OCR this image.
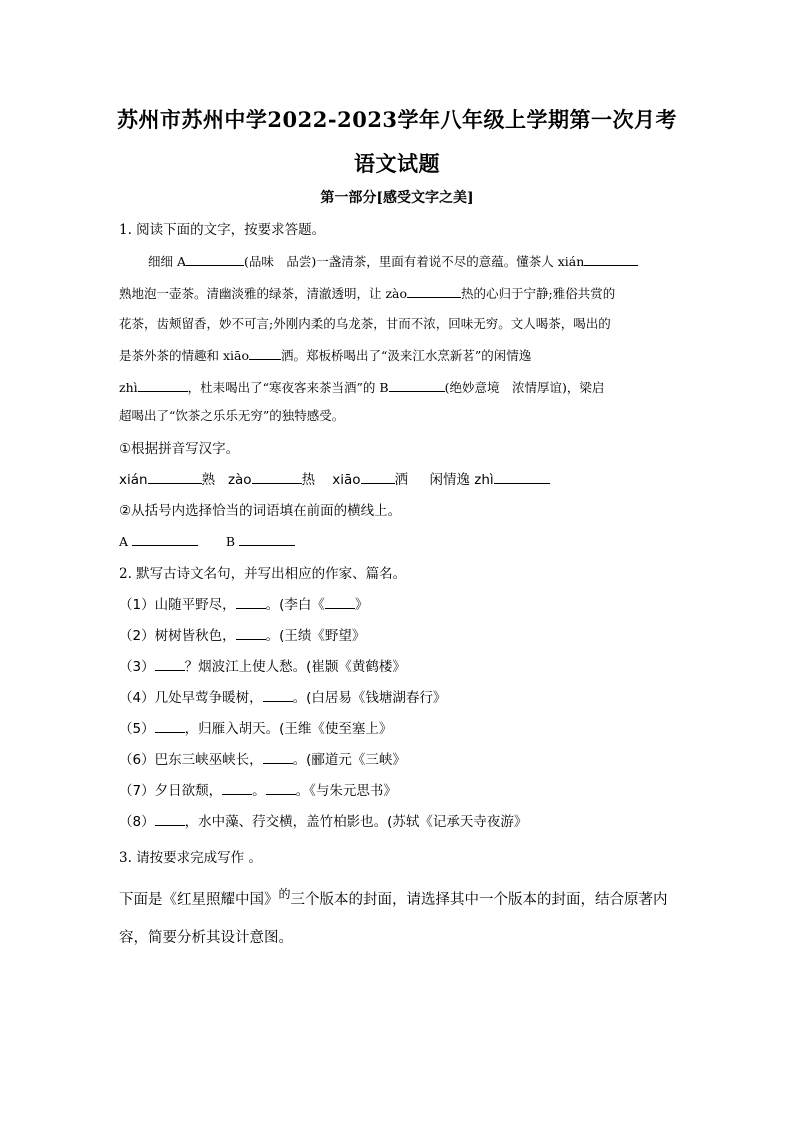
苏州市苏州中学2022-2023学年八年级上学期第一次月考
语文试题
第一部分[感受文字之美]
1. 阅读下面的文字，按要求答题。
细细 A	(品味　品尝)一盏清茶，里面有着说不尽的意蕴。懂茶人 xián
熟地泡一壶茶。清幽淡雅的绿茶，清澈透明，让 zào	热的心归于宁静;雅俗共赏的
花茶，齿颊留香，妙不可言;外刚内柔的乌龙茶，甘而不浓，回味无穷。文人喝茶，喝出的
是茶外茶的情趣和 xiāo	洒。郑板桥喝出了“汲来江水烹新茗”的闲情逸
zhì	，杜耒喝出了“寒夜客来茶当酒”的 B	(绝妙意境　浓情厚谊)，梁启
超喝出了“饮茶之乐乐无穷”的独特感受。
①根据拼音写汉字。
xián	熟 zào	热 xiāo	洒 闲情逸 zhì
②从括号内选择恰当的词语填在前面的横线上。
A	B
2. 默写古诗文名句，并写出相应的作家、篇名。
（1）山随平野尽， 。(李白《 》
（2）树树皆秋色， 。(王绩《野望》
（3） ？烟波江上使人愁。(崔颢《黄鹤楼》
（4）几处早莺争暖树， 。(白居易《钱塘湖春行》
（5） ，归雁入胡天。(王维《使至塞上》
（6）巴东三峡巫峡长， 。(郦道元《三峡》
（7）夕日欲颓， 。 。《与朱元思书》
（8） ，水中藻、荇交横，盖竹柏影也。(苏轼《记承天寺夜游》
3. 请按要求完成写作 。
下面是《红星照耀中国》$^的$三个版本的封面，请选择其中一个版本的封面，结合原著内
容，简要分析其设计意图。
